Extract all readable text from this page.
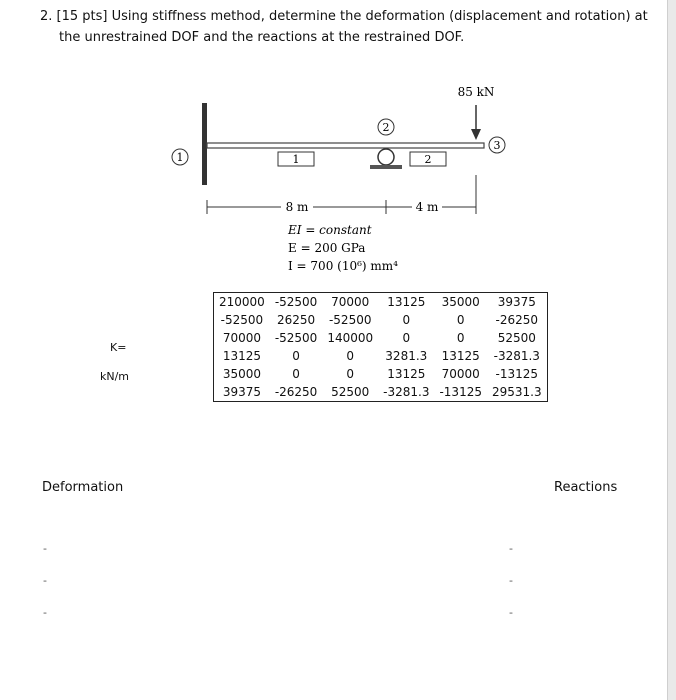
2. [15 pts] Using stiffness method, determine the deformation (displacement and rotation) at
the unrestrained DOF and the reactions at the restrained DOF.
85 kN
1
2
3
1	2
8 m	4 m
EI = constant
E = 200 GPa
I = 700 (10⁶) mm⁴
K=
kN/m
210000	-52500	70000	13125	35000	39375
-52500	26250	-52500	0	0	-26250
70000	-52500	140000	0	0	52500
13125	0	0	3281.3	13125	-3281.3
35000	0	0	13125	70000	-13125
39375	-26250	52500	-3281.3	-13125	29531.3
Deformation	Reactions
-
-
-
-
-
-
